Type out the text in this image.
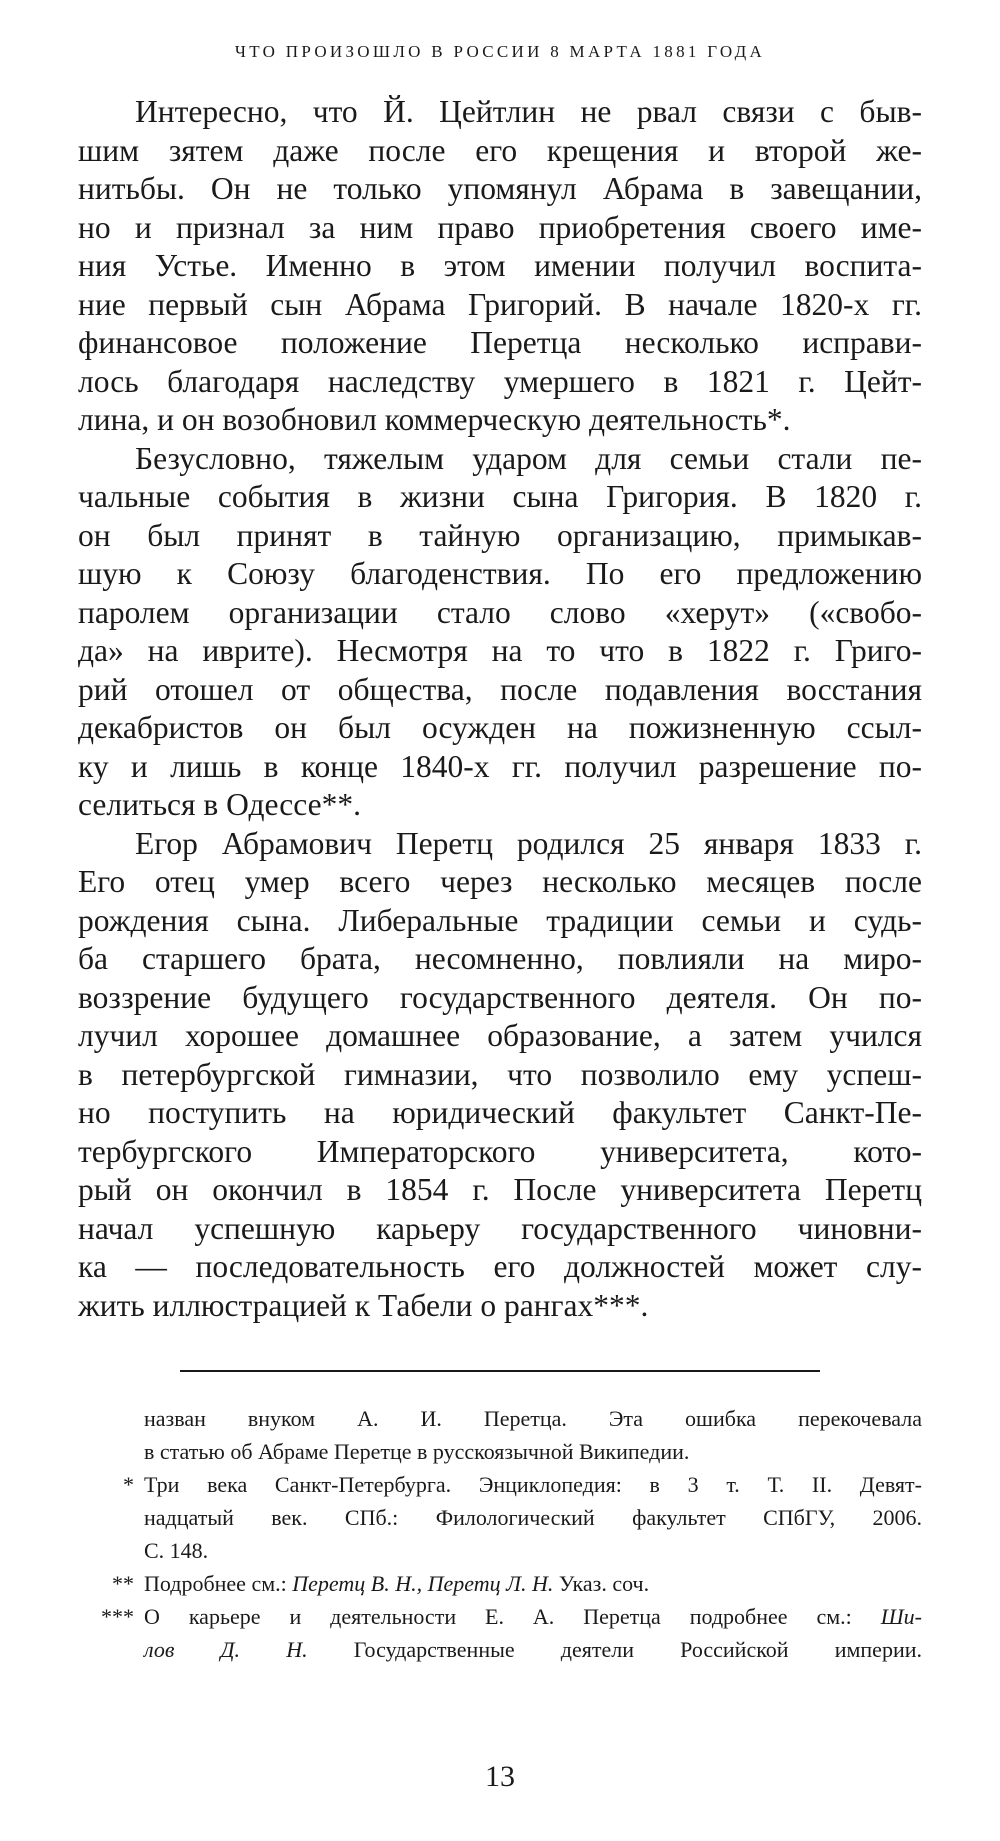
ЧТО ПРОИЗОШЛО В РОССИИ 8 МАРТА 1881 ГОДА
Интересно, что Й. Цейтлин не рвал связи с быв-
шим зятем даже после его крещения и второй же-
нитьбы. Он не только упомянул Абрама в завещании,
но и признал за ним право приобретения своего име-
ния Устье. Именно в этом имении получил воспита-
ние первый сын Абрама Григорий. В начале 1820-х гг.
финансовое положение Перетца несколько исправи-
лось благодаря наследству умершего в 1821 г. Цейт-
лина, и он возобновил коммерческую деятельность*.
Безусловно, тяжелым ударом для семьи стали пе-
чальные события в жизни сына Григория. В 1820 г.
он был принят в тайную организацию, примыкав-
шую к Союзу благоденствия. По его предложению
паролем организации стало слово «херут» («свобо-
да» на иврите). Несмотря на то что в 1822 г. Григо-
рий отошел от общества, после подавления восстания
декабристов он был осужден на пожизненную ссыл-
ку и лишь в конце 1840-х гг. получил разрешение по-
селиться в Одессе**.
Егор Абрамович Перетц родился 25 января 1833 г.
Его отец умер всего через несколько месяцев после
рождения сына. Либеральные традиции семьи и судь-
ба старшего брата, несомненно, повлияли на миро-
воззрение будущего государственного деятеля. Он по-
лучил хорошее домашнее образование, а затем учился
в петербургской гимназии, что позволило ему успеш-
но поступить на юридический факультет Санкт-Пе-
тербургского Императорского университета, кото-
рый он окончил в 1854 г. После университета Перетц
начал успешную карьеру государственного чиновни-
ка — последовательность его должностей может слу-
жить иллюстрацией к Табели о рангах***.
назван внуком А. И. Перетца. Эта ошибка перекочевала
в статью об Абраме Перетце в русскоязычной Википедии.
* Три века Санкт-Петербурга. Энциклопедия: в 3 т. Т. II. Девят-
надцатый век. СПб.: Филологический факультет СПбГУ, 2006.
С. 148.
** Подробнее см.: Перетц В. Н., Перетц Л. Н. Указ. соч.
*** О карьере и деятельности Е. А. Перетца подробнее см.: Ши-
лов Д. Н. Государственные деятели Российской империи.
13
